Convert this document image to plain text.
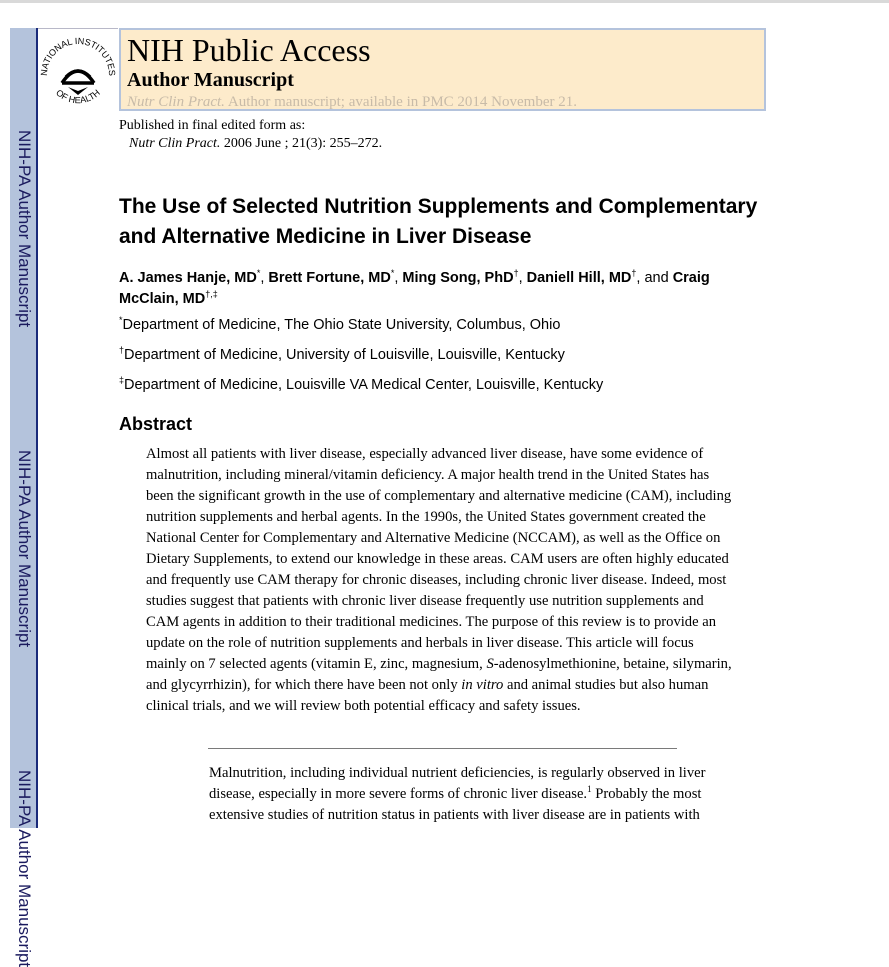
NIH-PA Author Manuscript
NIH-PA Author Manuscript
NIH-PA Author Manuscript
NATIONAL INSTITUTES
OF HEALTH
NIH Public Access
Author Manuscript
Nutr Clin Pract. Author manuscript; available in PMC 2014 November 21.
Published in final edited form as:
Nutr Clin Pract. 2006 June ; 21(3): 255–272.
The Use of Selected Nutrition Supplements and Complementary and Alternative Medicine in Liver Disease
A. James Hanje, MD*, Brett Fortune, MD*, Ming Song, PhD†, Daniell Hill, MD†, and Craig McClain, MD†,‡
*Department of Medicine, The Ohio State University, Columbus, Ohio
†Department of Medicine, University of Louisville, Louisville, Kentucky
‡Department of Medicine, Louisville VA Medical Center, Louisville, Kentucky
Abstract
Almost all patients with liver disease, especially advanced liver disease, have some evidence of malnutrition, including mineral/vitamin deficiency. A major health trend in the United States has been the significant growth in the use of complementary and alternative medicine (CAM), including nutrition supplements and herbal agents. In the 1990s, the United States government created the National Center for Complementary and Alternative Medicine (NCCAM), as well as the Office on Dietary Supplements, to extend our knowledge in these areas. CAM users are often highly educated and frequently use CAM therapy for chronic diseases, including chronic liver disease. Indeed, most studies suggest that patients with chronic liver disease frequently use nutrition supplements and CAM agents in addition to their traditional medicines. The purpose of this review is to provide an update on the role of nutrition supplements and herbals in liver disease. This article will focus mainly on 7 selected agents (vitamin E, zinc, magnesium, S-adenosylmethionine, betaine, silymarin, and glycyrrhizin), for which there have been not only in vitro and animal studies but also human clinical trials, and we will review both potential efficacy and safety issues.
Malnutrition, including individual nutrient deficiencies, is regularly observed in liver disease, especially in more severe forms of chronic liver disease.$^1$ Probably the most extensive studies of nutrition status in patients with liver disease are in patients with
